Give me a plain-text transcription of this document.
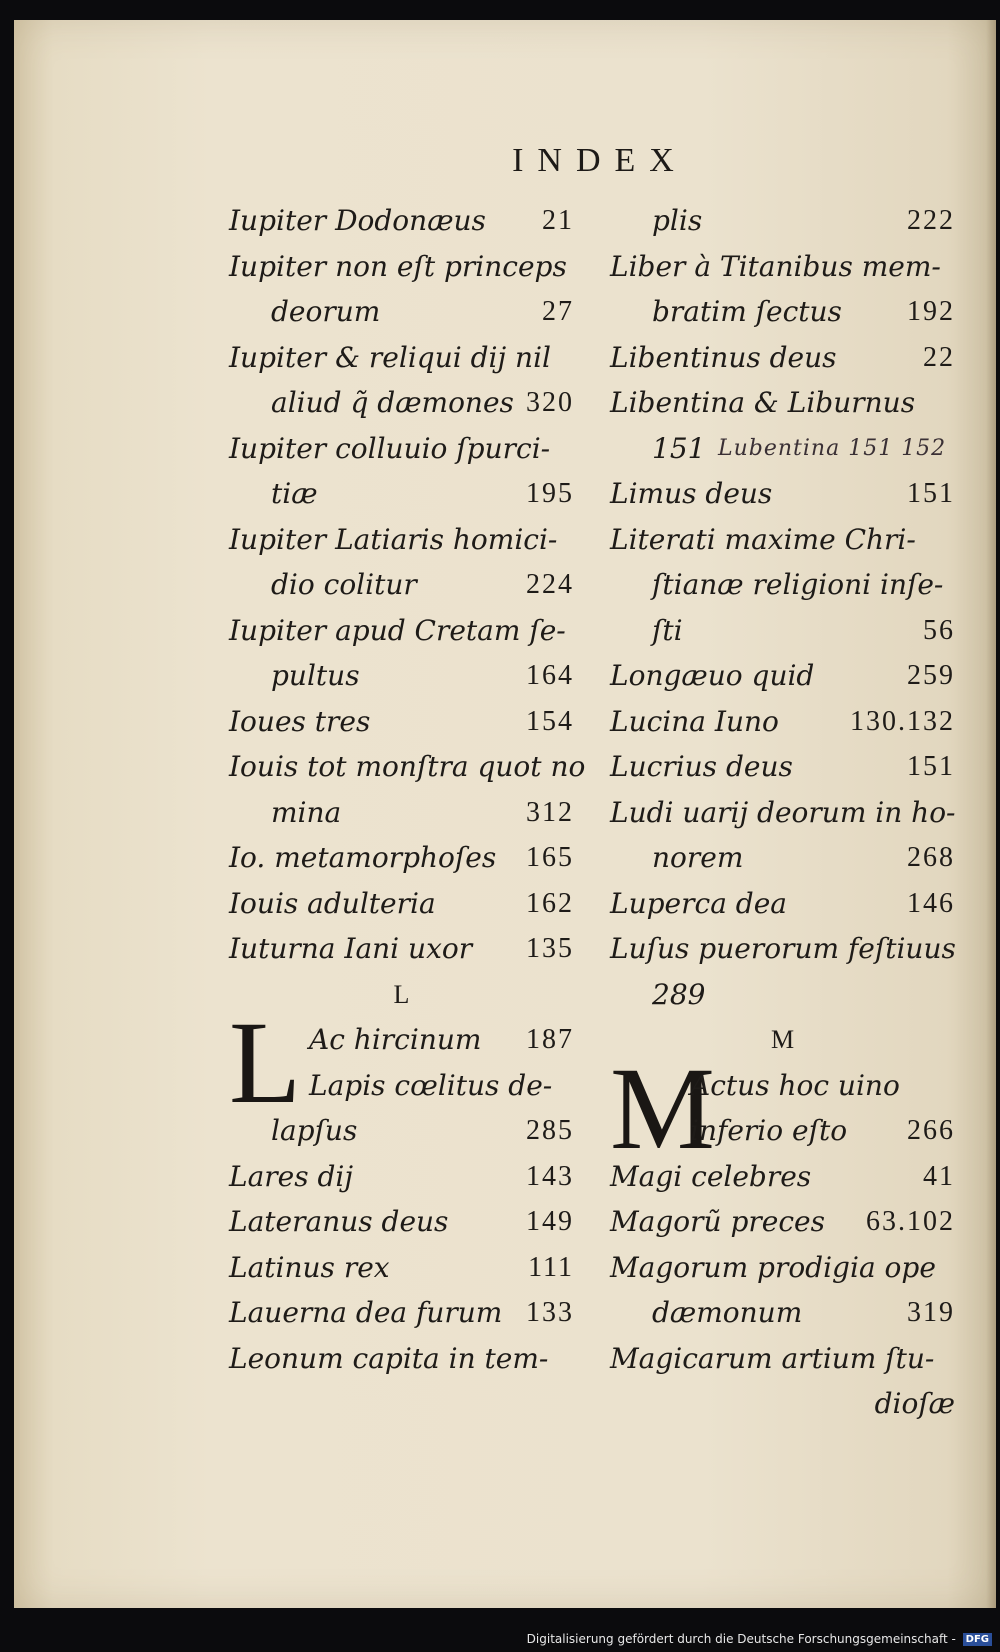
INDEX
Iupiter Dodonæus 21
Iupiter non eſt princeps
deorum	27
Iupiter & reliqui dij nil
aliud q̃ dæmones 320
Iupiter colluuio ſpurci-
tiæ	195
Iupiter Latiaris homici-
dio colitur	224
Iupiter apud Cretam ſe-
pultus	164
Ioues tres	154
Iouis tot monſtra quot no
mina	312
Io. metamorphoſes 165
Iouis adulteria	162
Iuturna Iani uxor 135
L
L Ac hircinum 187
Lapis cœlitus de-
lapſus	285
Lares dij	143
Lateranus deus	149
Latinus rex	111
Lauerna dea furum 133
Leonum capita in tem-
plis	222
Liber à Titanibus mem-
bratim ſectus 192
Libentinus deus	22
Libentina & Liburnus
151 Lubentina 151 152
Limus deus	151
Literati maxime Chri-
ſtianæ religioni inſe-
ſti	56
Longæuo quid	259
Lucina Iuno	130.132
Lucrius deus	151
Ludi uarij deorum in ho-
norem	268
Luperca dea	146
Luſus puerorum feſtiuus
289
M
M
Actus hoc uino
inferio eſto 266
Magi celebres	41
Magorũ preces 63.102
Magorum prodigia ope
dæmonum	319
Magicarum artium ſtu-
dioſæ
Digitalisierung gefördert durch die Deutsche Forschungsgemeinschaft - DFG
